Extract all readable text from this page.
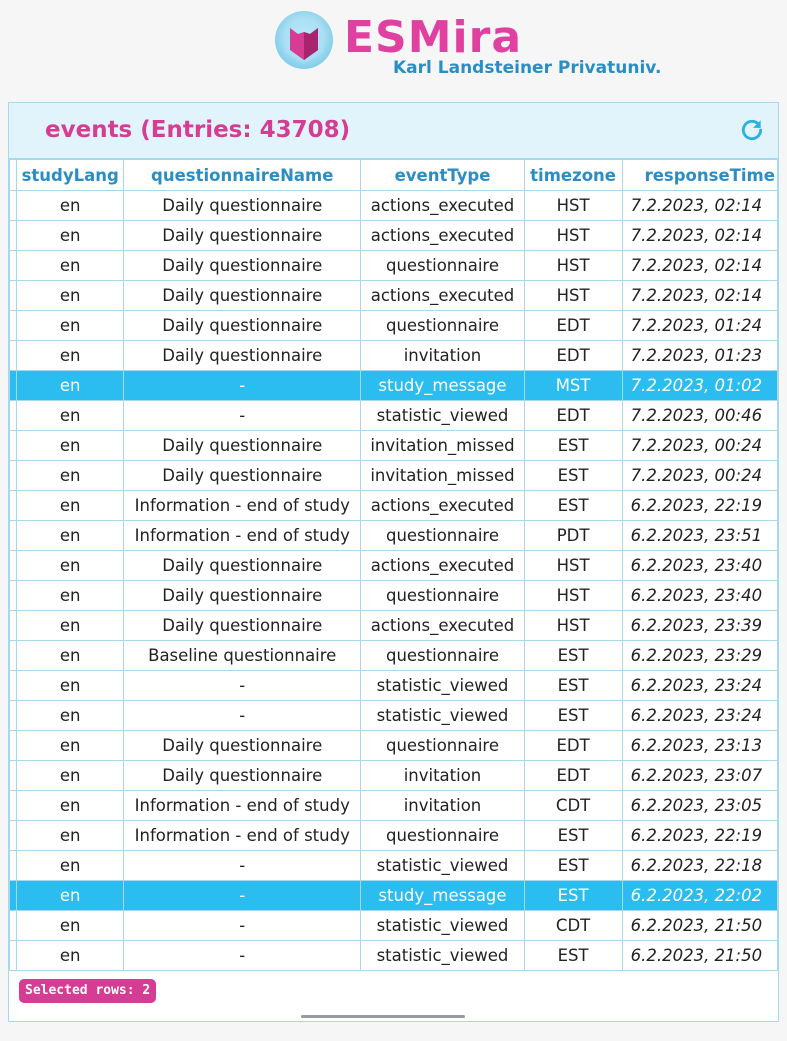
ESMira
Karl Landsteiner Privatuniv.
events (Entries: 43708)
	studyLang	questionnaireName	eventType	timezone	responseTime
	en	Daily questionnaire	actions_executed	HST	7.2.2023, 02:14
	en	Daily questionnaire	actions_executed	HST	7.2.2023, 02:14
	en	Daily questionnaire	questionnaire	HST	7.2.2023, 02:14
	en	Daily questionnaire	actions_executed	HST	7.2.2023, 02:14
	en	Daily questionnaire	questionnaire	EDT	7.2.2023, 01:24
	en	Daily questionnaire	invitation	EDT	7.2.2023, 01:23
	en	-	study_message	MST	7.2.2023, 01:02
	en	-	statistic_viewed	EDT	7.2.2023, 00:46
	en	Daily questionnaire	invitation_missed	EST	7.2.2023, 00:24
	en	Daily questionnaire	invitation_missed	EST	7.2.2023, 00:24
	en	Information - end of study	actions_executed	EST	6.2.2023, 22:19
	en	Information - end of study	questionnaire	PDT	6.2.2023, 23:51
	en	Daily questionnaire	actions_executed	HST	6.2.2023, 23:40
	en	Daily questionnaire	questionnaire	HST	6.2.2023, 23:40
	en	Daily questionnaire	actions_executed	HST	6.2.2023, 23:39
	en	Baseline questionnaire	questionnaire	EST	6.2.2023, 23:29
	en	-	statistic_viewed	EST	6.2.2023, 23:24
	en	-	statistic_viewed	EST	6.2.2023, 23:24
	en	Daily questionnaire	questionnaire	EDT	6.2.2023, 23:13
	en	Daily questionnaire	invitation	EDT	6.2.2023, 23:07
	en	Information - end of study	invitation	CDT	6.2.2023, 23:05
	en	Information - end of study	questionnaire	EST	6.2.2023, 22:19
	en	-	statistic_viewed	EST	6.2.2023, 22:18
	en	-	study_message	EST	6.2.2023, 22:02
	en	-	statistic_viewed	CDT	6.2.2023, 21:50
	en	-	statistic_viewed	EST	6.2.2023, 21:50
Selected rows: 2
